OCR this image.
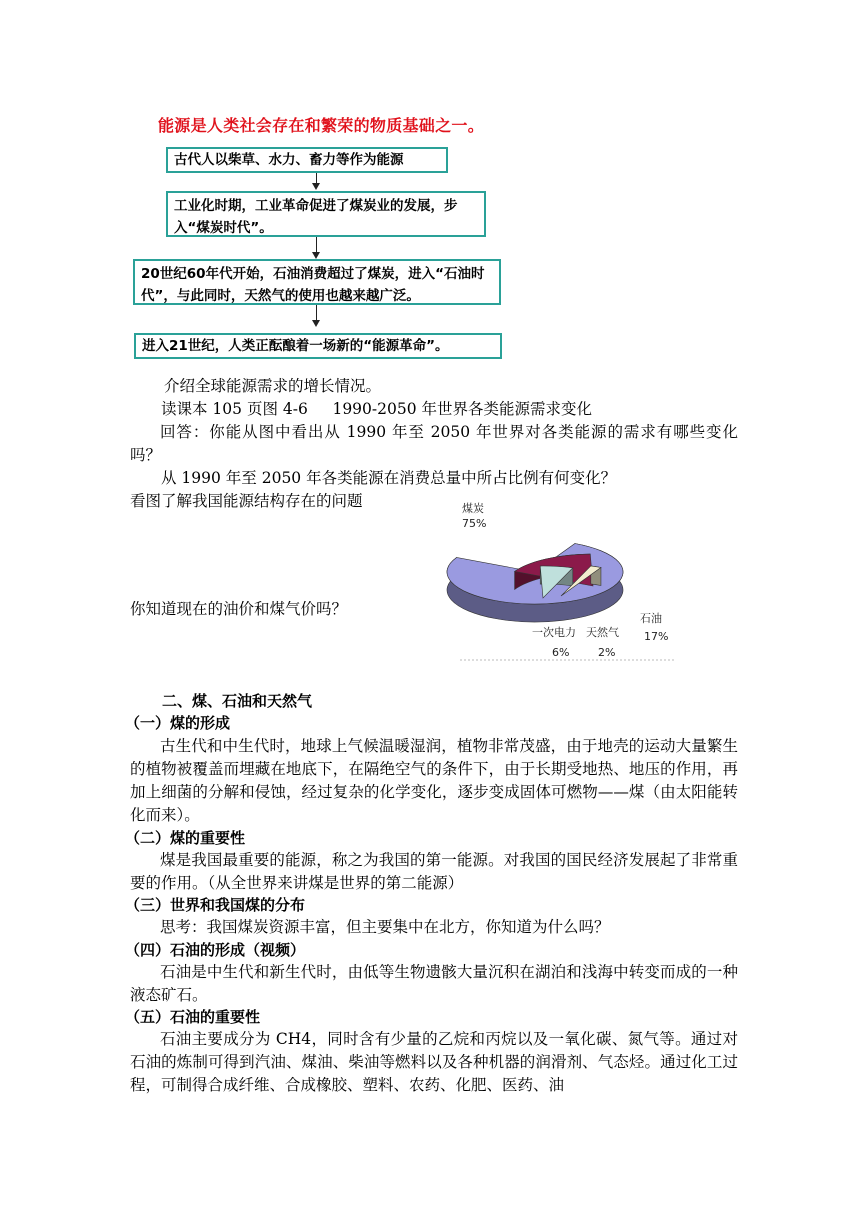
能源是人类社会存在和繁荣的物质基础之一。
古代人以柴草、水力、畜力等作为能源
工业化时期，工业革命促进了煤炭业的发展，步入“煤炭时代”。
20世纪60年代开始，石油消费超过了煤炭，进入“石油时代”，与此同时，天然气的使用也越来越广泛。
进入21世纪，人类正酝酿着一场新的“能源革命”。
介绍全球能源需求的增长情况。
读课本 105 页图 4-6     1990-2050 年世界各类能源需求变化
回答：你能从图中看出从 1990 年至 2050 年世界对各类能源的需求有哪些变化吗？
从 1990 年至 2050 年各类能源在消费总量中所占比例有何变化？
看图了解我国能源结构存在的问题
你知道现在的油价和煤气价吗？
煤炭
75%
石油
17%
一次电力
6%
天然气
2%
二、煤、石油和天然气
（一）煤的形成
古生代和中生代时，地球上气候温暖湿润，植物非常茂盛，由于地壳的运动大量繁生的植物被覆盖而埋藏在地底下，在隔绝空气的条件下，由于长期受地热、地压的作用，再加上细菌的分解和侵蚀，经过复杂的化学变化，逐步变成固体可燃物——煤（由太阳能转化而来）。
（二）煤的重要性
煤是我国最重要的能源，称之为我国的第一能源。对我国的国民经济发展起了非常重要的作用。（从全世界来讲煤是世界的第二能源）
（三）世界和我国煤的分布
思考：我国煤炭资源丰富，但主要集中在北方，你知道为什么吗？
（四）石油的形成（视频）
石油是中生代和新生代时，由低等生物遗骸大量沉积在湖泊和浅海中转变而成的一种液态矿石。
（五）石油的重要性
石油主要成分为 CH4，同时含有少量的乙烷和丙烷以及一氧化碳、氮气等。通过对石油的炼制可得到汽油、煤油、柴油等燃料以及各种机器的润滑剂、气态烃。通过化工过程，可制得合成纤维、合成橡胶、塑料、农药、化肥、医药、油
